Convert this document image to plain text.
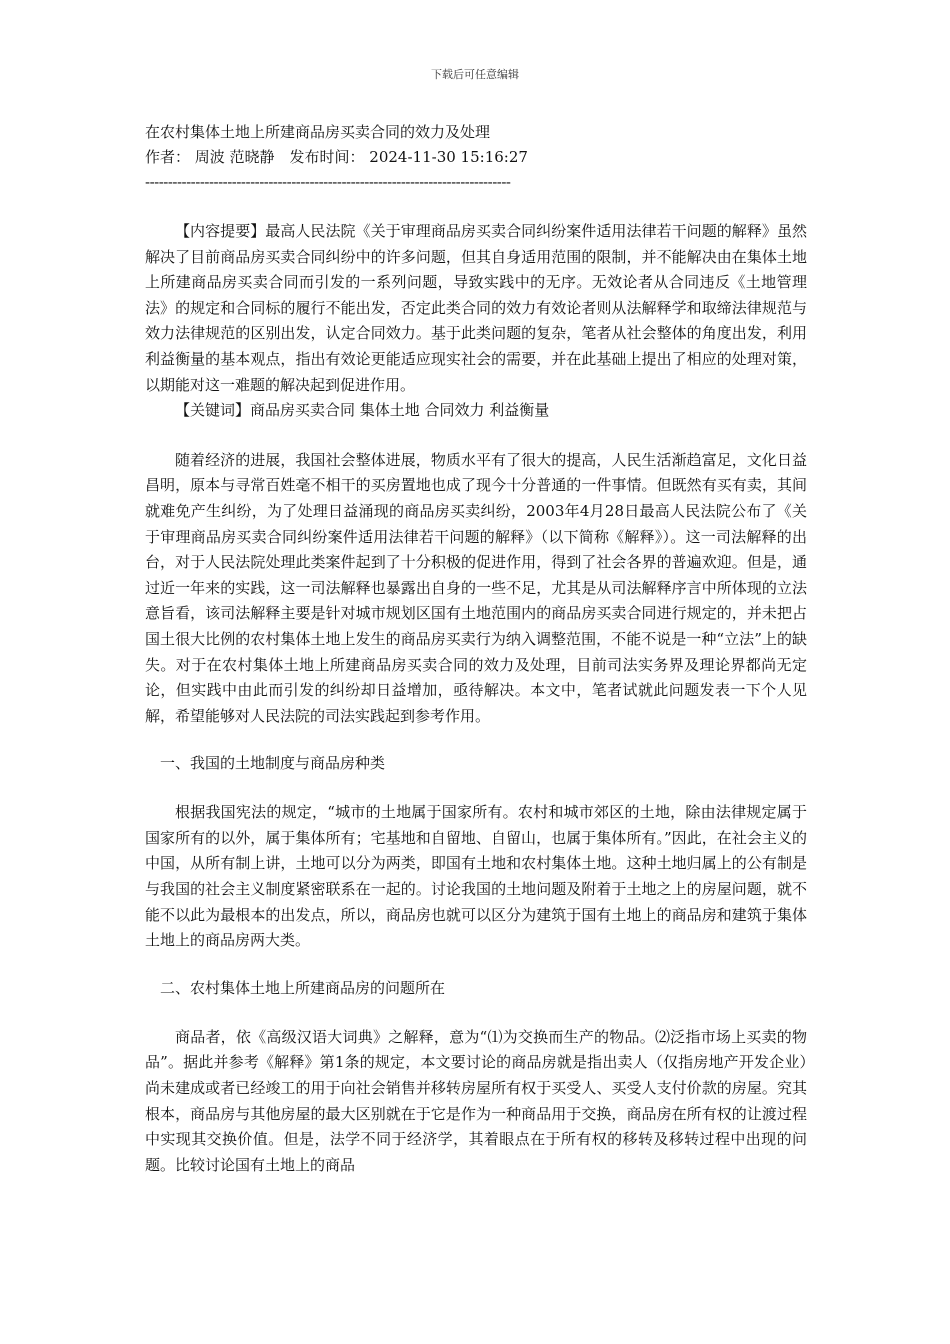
下载后可任意编辑

在农村集体土地上所建商品房买卖合同的效力及处理

作者： 周波 范晓静　发布时间： 2024-11-30 15:16:27

--------------------------------------------------------------------------------

【内容提要】最高人民法院《关于审理商品房买卖合同纠纷案件适用法律若干问题的解释》虽然解决了目前商品房买卖合同纠纷中的许多问题，但其自身适用范围的限制，并不能解决由在集体土地上所建商品房买卖合同而引发的一系列问题，导致实践中的无序。无效论者从合同违反《土地管理法》的规定和合同标的履行不能出发，否定此类合同的效力有效论者则从法解释学和取缔法律规范与效力法律规范的区别出发，认定合同效力。基于此类问题的复杂，笔者从社会整体的角度出发，利用利益衡量的基本观点，指出有效论更能适应现实社会的需要，并在此基础上提出了相应的处理对策，以期能对这一难题的解决起到促进作用。

【关键词】商品房买卖合同 集体土地 合同效力 利益衡量

随着经济的进展，我国社会整体进展，物质水平有了很大的提高，人民生活渐趋富足，文化日益昌明，原本与寻常百姓毫不相干的买房置地也成了现今十分普通的一件事情。但既然有买有卖，其间就难免产生纠纷，为了处理日益涌现的商品房买卖纠纷，2003年4月28日最高人民法院公布了《关于审理商品房买卖合同纠纷案件适用法律若干问题的解释》（以下简称《解释》）。这一司法解释的出台，对于人民法院处理此类案件起到了十分积极的促进作用，得到了社会各界的普遍欢迎。但是，通过近一年来的实践，这一司法解释也暴露出自身的一些不足，尤其是从司法解释序言中所体现的立法意旨看，该司法解释主要是针对城市规划区国有土地范围内的商品房买卖合同进行规定的，并未把占国土很大比例的农村集体土地上发生的商品房买卖行为纳入调整范围，不能不说是一种“立法”上的缺失。对于在农村集体土地上所建商品房买卖合同的效力及处理，目前司法实务界及理论界都尚无定论，但实践中由此而引发的纠纷却日益增加，亟待解决。本文中，笔者试就此问题发表一下个人见解，希望能够对人民法院的司法实践起到参考作用。

一、我国的土地制度与商品房种类

根据我国宪法的规定，“城市的土地属于国家所有。农村和城市郊区的土地，除由法律规定属于国家所有的以外，属于集体所有；宅基地和自留地、自留山，也属于集体所有。”因此，在社会主义的中国，从所有制上讲，土地可以分为两类，即国有土地和农村集体土地。这种土地归属上的公有制是与我国的社会主义制度紧密联系在一起的。讨论我国的土地问题及附着于土地之上的房屋问题，就不能不以此为最根本的出发点，所以，商品房也就可以区分为建筑于国有土地上的商品房和建筑于集体土地上的商品房两大类。

二、农村集体土地上所建商品房的问题所在

商品者，依《高级汉语大词典》之解释，意为“⑴为交换而生产的物品。⑵泛指市场上买卖的物品”。据此并参考《解释》第1条的规定，本文要讨论的商品房就是指出卖人（仅指房地产开发企业）尚未建成或者已经竣工的用于向社会销售并移转房屋所有权于买受人、买受人支付价款的房屋。究其根本，商品房与其他房屋的最大区别就在于它是作为一种商品用于交换，商品房在所有权的让渡过程中实现其交换价值。但是，法学不同于经济学，其着眼点在于所有权的移转及移转过程中出现的问题。比较讨论国有土地上的商品
